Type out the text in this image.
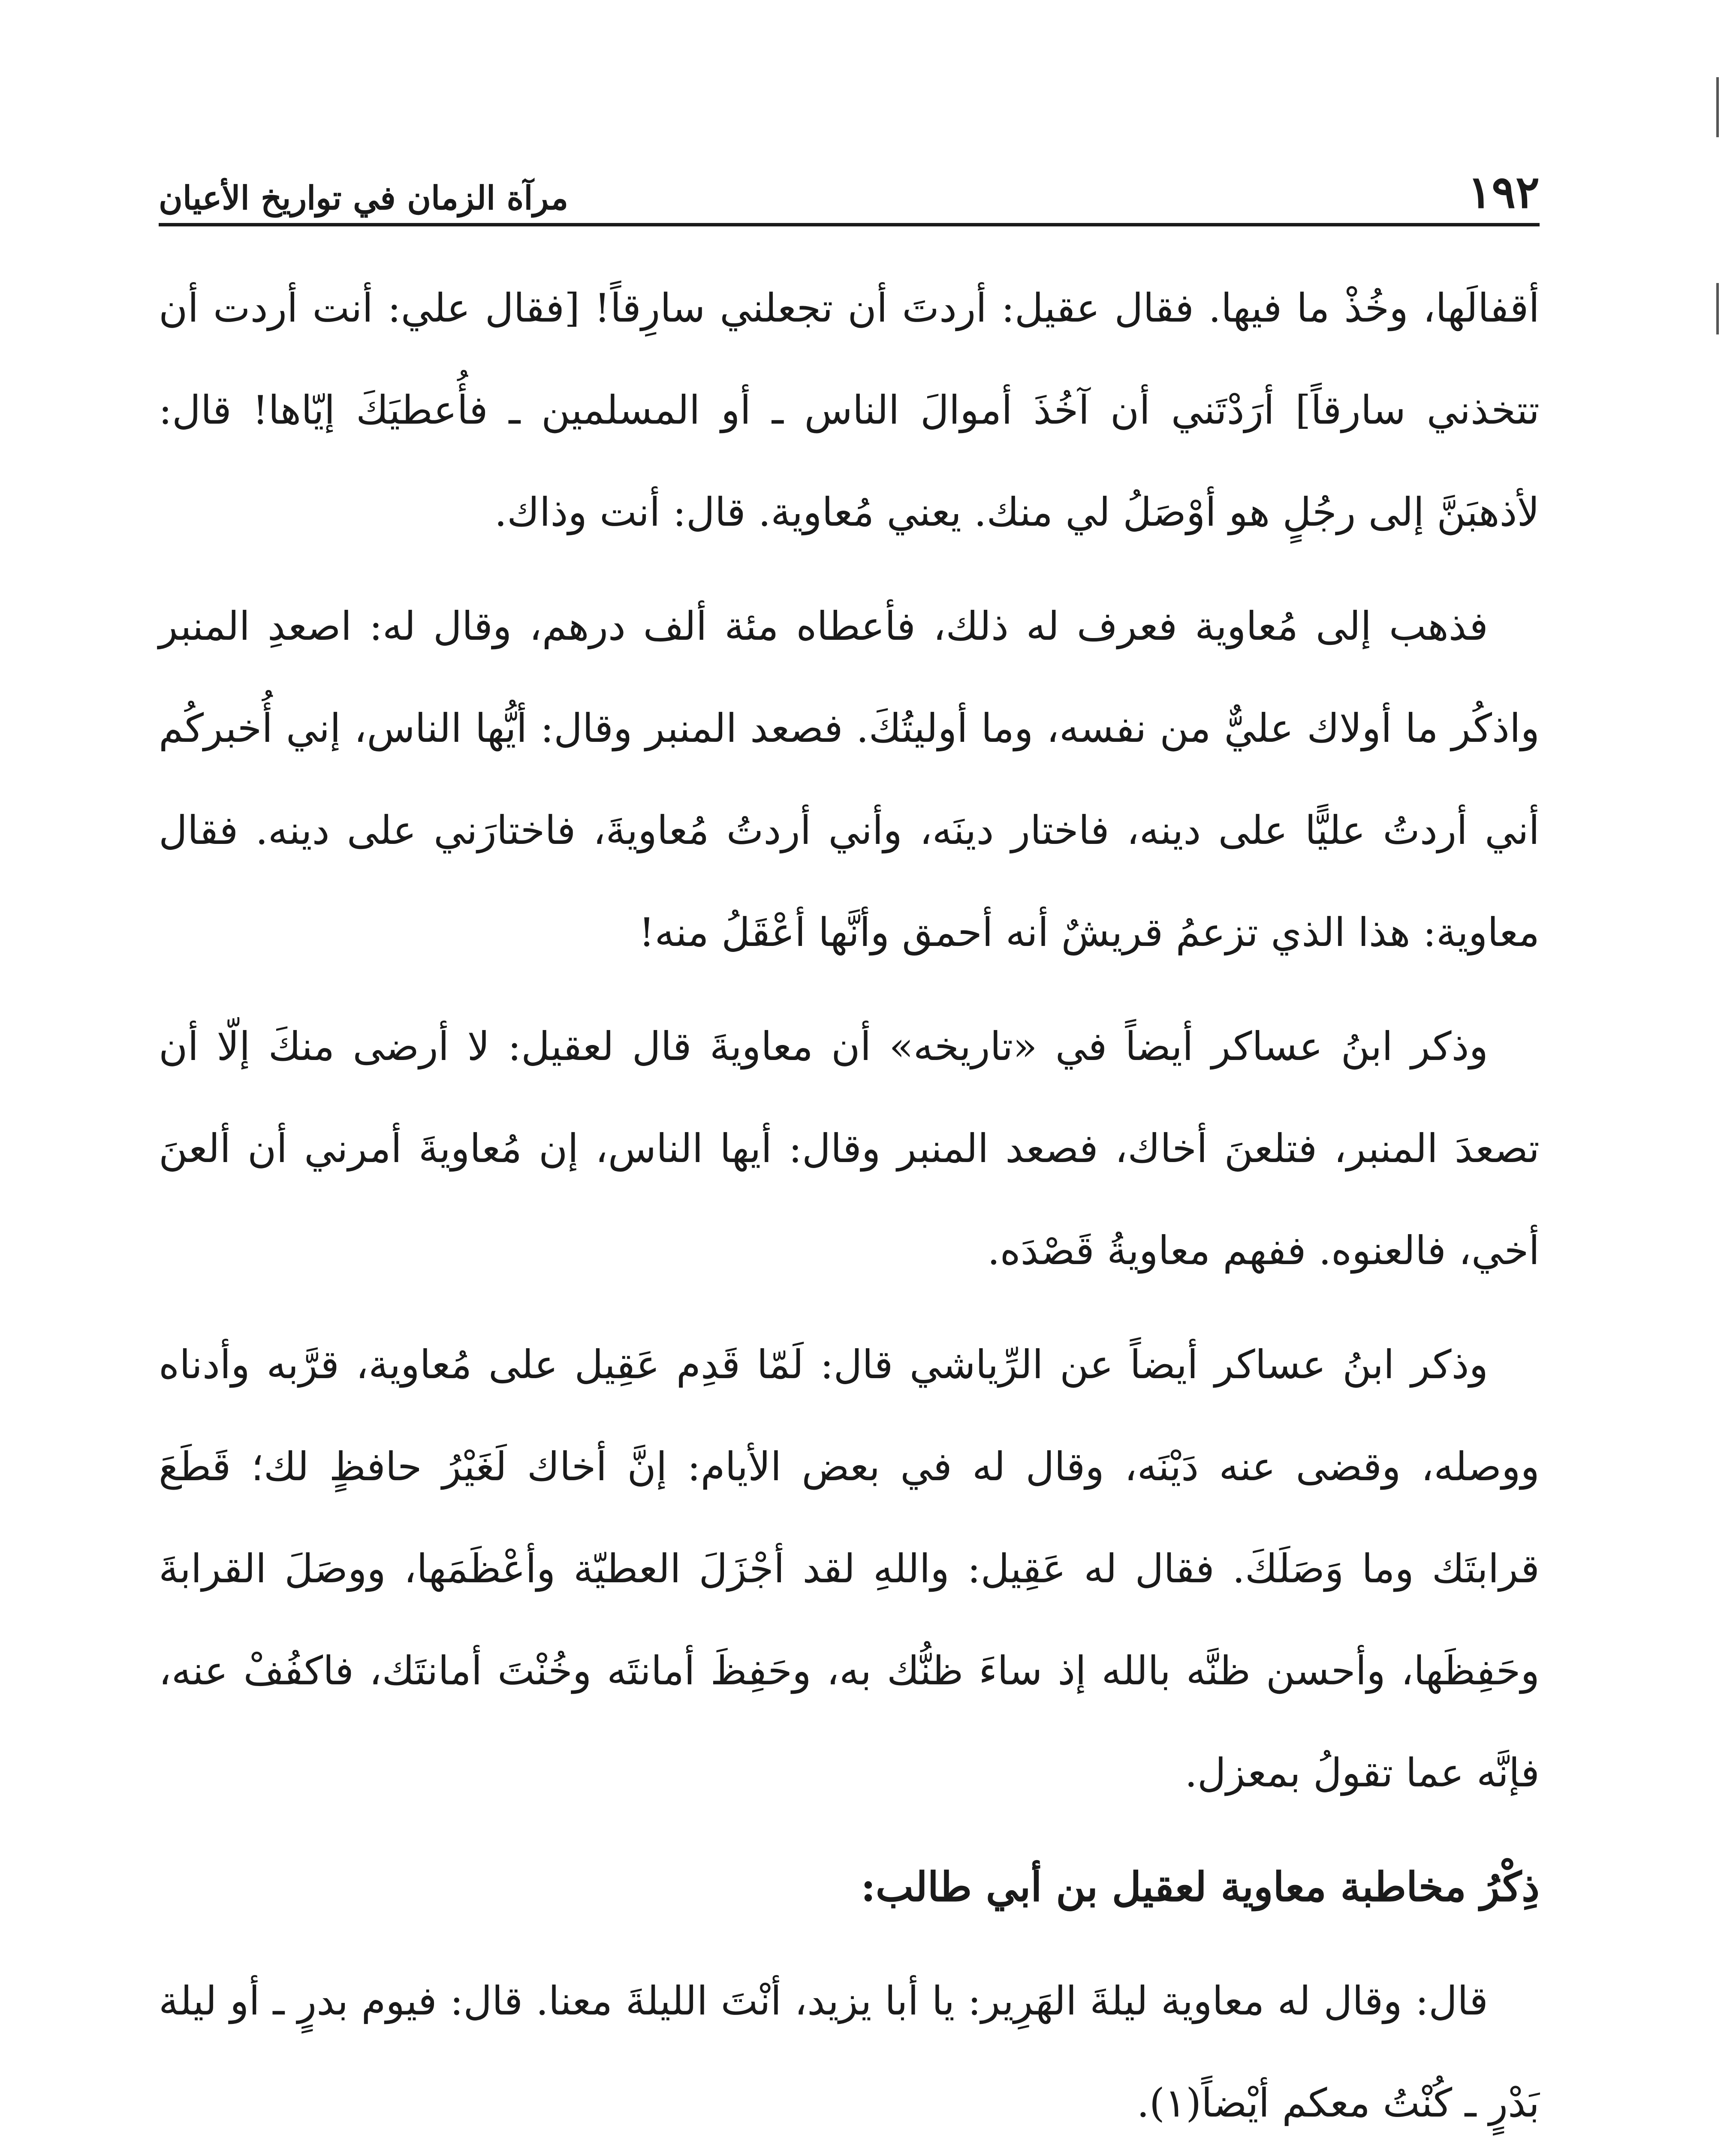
١٩٢
مرآة الزمان في تواريخ الأعيان

أقفالَها، وخُذْ ما فيها. فقال عقيل: أردتَ أن تجعلني سارِقاً! [فقال علي: أنت أردت أن تتخذني سارقاً] أرَدْتَني أن آخُذَ أموالَ الناس ـ أو المسلمين ـ فأُعطيَكَ إيّاها! قال: لأذهبَنَّ إلى رجُلٍ هو أوْصَلُ لي منك. يعني مُعاوية. قال: أنت وذاك.

فذهب إلى مُعاوية فعرف له ذلك، فأعطاه مئة ألف درهم، وقال له: اصعدِ المنبر واذكُر ما أولاك عليٌّ من نفسه، وما أوليتُكَ. فصعد المنبر وقال: أيُّها الناس، إني أُخبركُم أني أردتُ عليًّا على دينه، فاختار دينَه، وأني أردتُ مُعاويةَ، فاختارَني على دينه. فقال معاوية: هذا الذي تزعمُ قريشٌ أنه أحمق وأنَّها أعْقَلُ منه!

وذكر ابنُ عساكر أيضاً في «تاريخه» أن معاويةَ قال لعقيل: لا أرضى منكَ إلّا أن تصعدَ المنبر، فتلعنَ أخاك، فصعد المنبر وقال: أيها الناس، إن مُعاويةَ أمرني أن ألعنَ أخي، فالعنوه. ففهم معاويةُ قَصْدَه.

وذكر ابنُ عساكر أيضاً عن الرِّياشي قال: لَمّا قَدِم عَقِيل على مُعاوية، قرَّبه وأدناه ووصله، وقضى عنه دَيْنَه، وقال له في بعض الأيام: إنَّ أخاك لَغَيْرُ حافظٍ لك؛ قَطَعَ قرابتَك وما وَصَلَكَ. فقال له عَقِيل: واللهِ لقد أجْزَلَ العطيّة وأعْظَمَها، ووصَلَ القرابةَ وحَفِظَها، وأحسن ظنَّه بالله إذ ساءَ ظنُّك به، وحَفِظَ أمانتَه وخُنْتَ أمانتَك، فاكفُفْ عنه، فإنَّه عما تقولُ بمعزل.

ذِكْرُ مخاطبة معاوية لعقيل بن أبي طالب:

قال: وقال له معاوية ليلةَ الهَرِير: يا أبا يزيد، أنْتَ الليلةَ معنا. قال: فيوم بدرٍ ـ أو ليلة بَدْرٍ ـ كُنْتُ معكم أيْضاً(١).
